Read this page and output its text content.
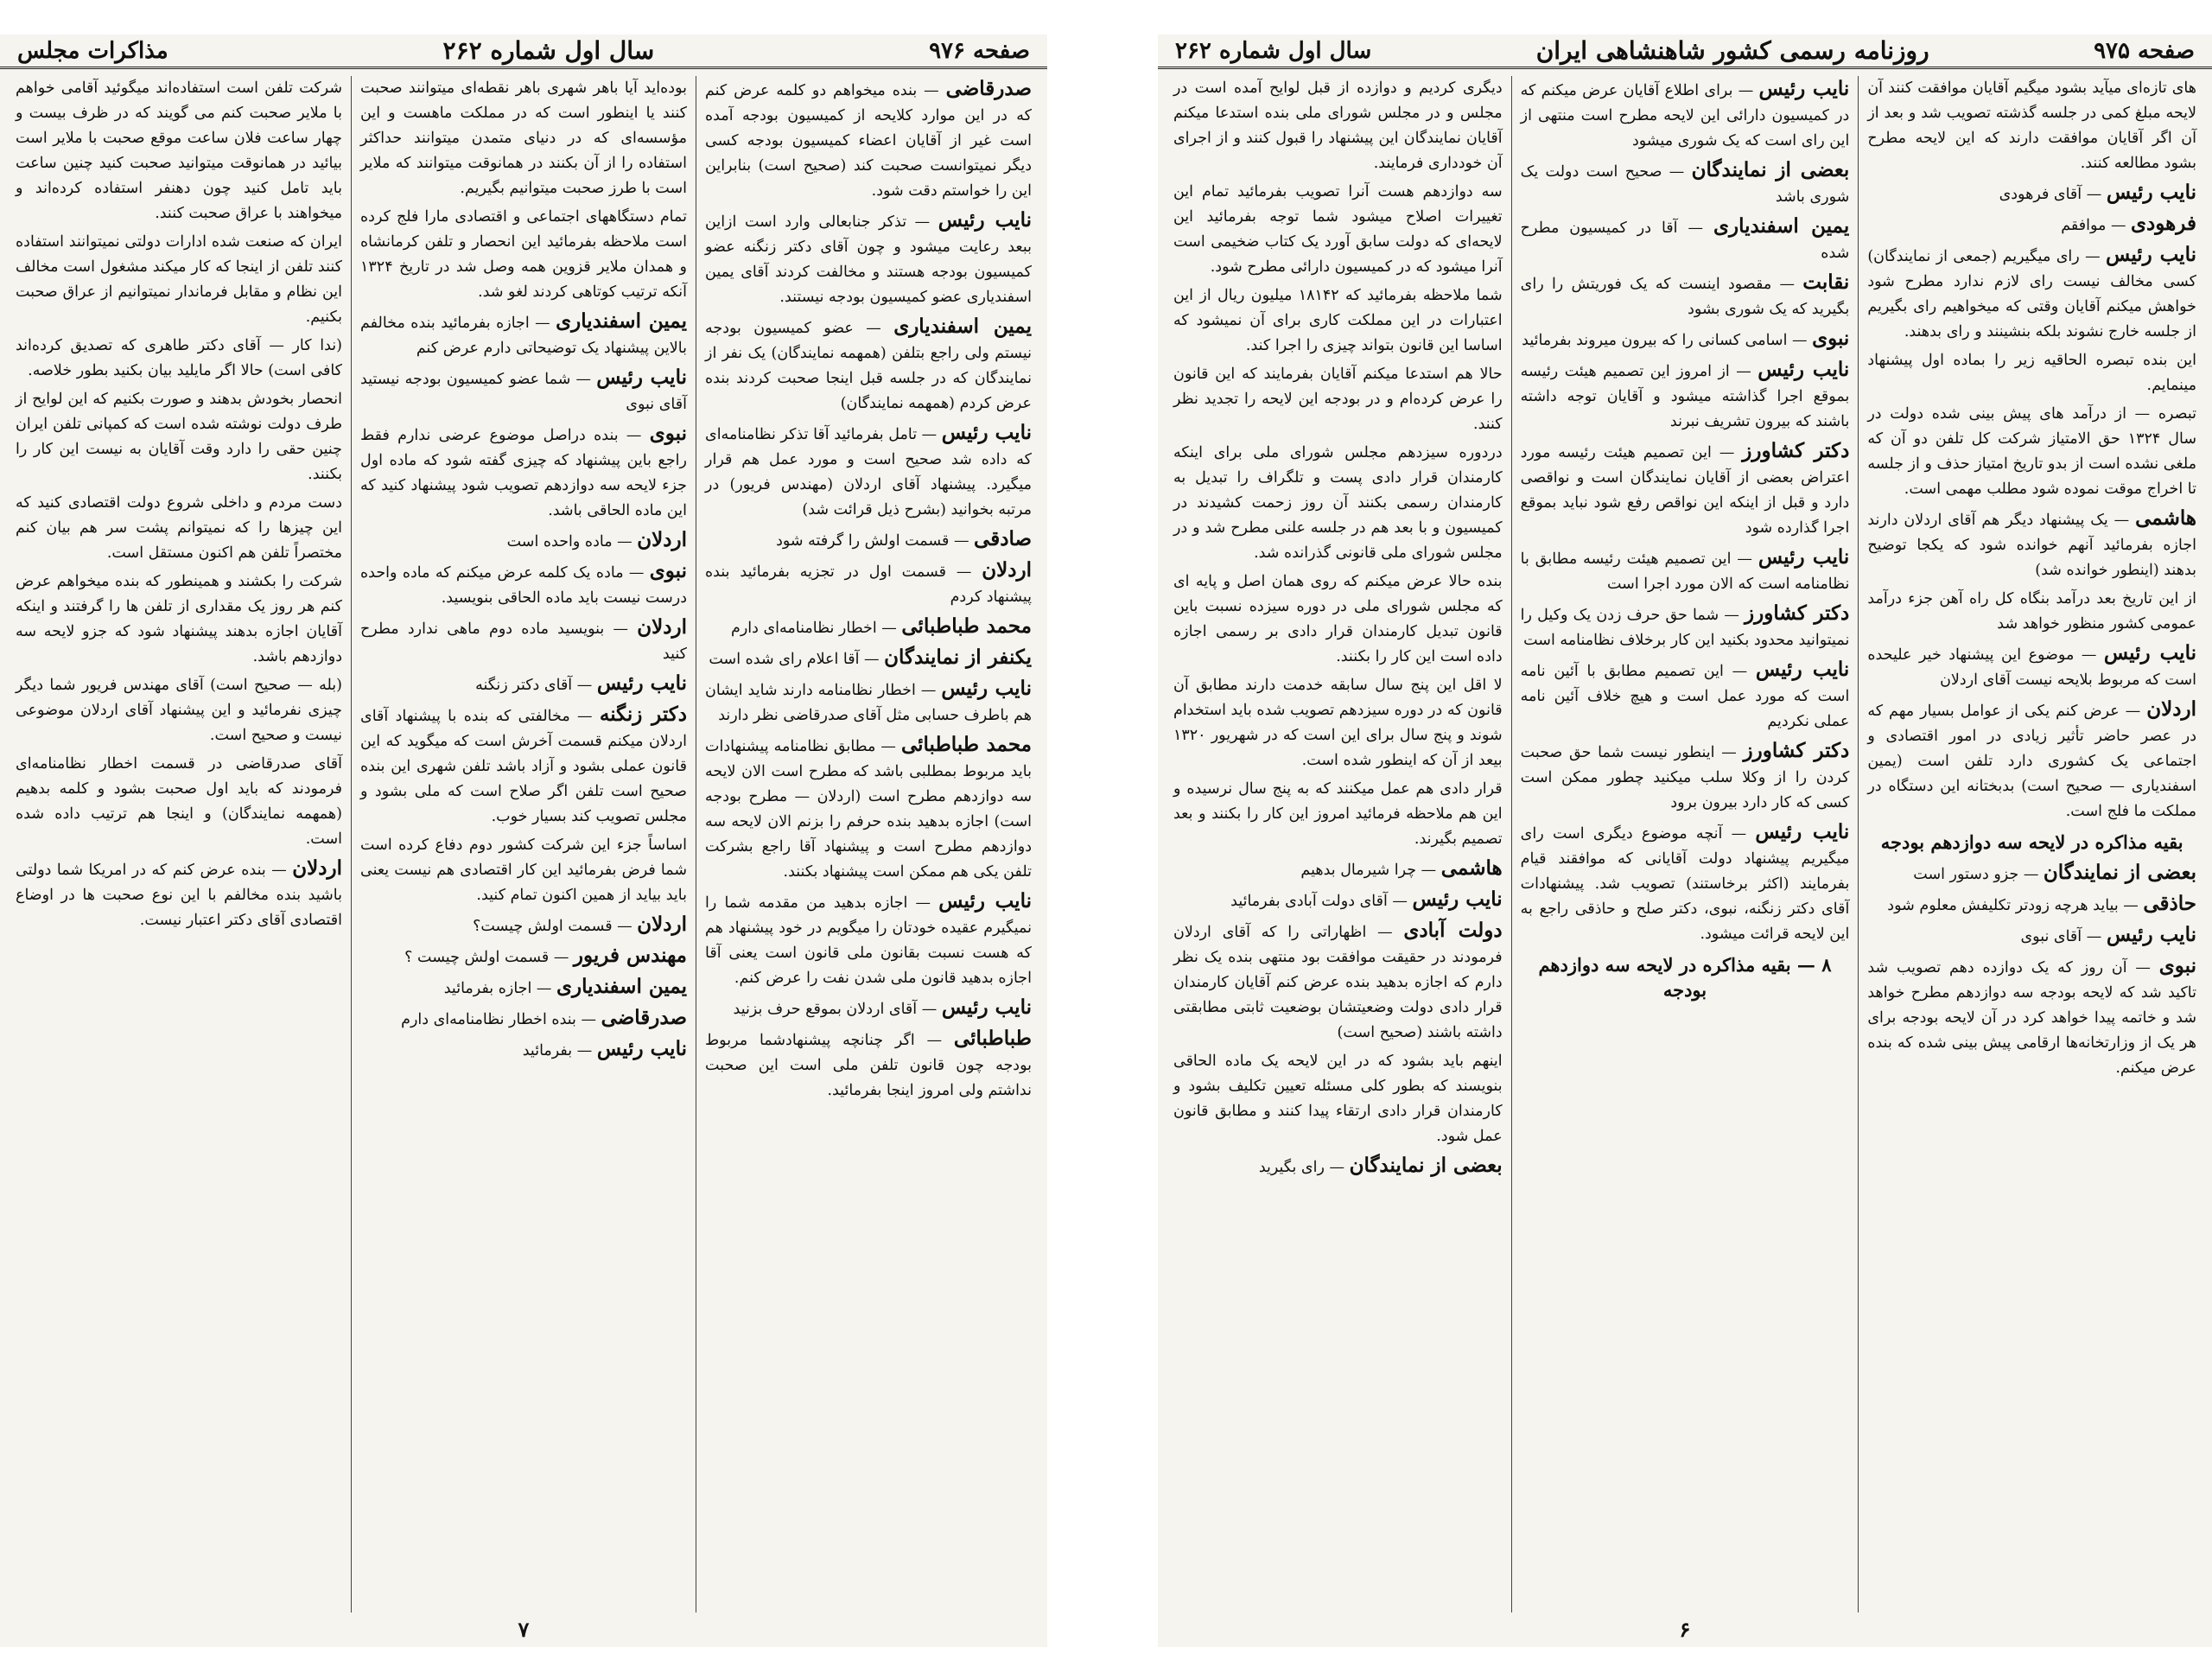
صفحه ۹۷۶
سال اول شماره ۲۶۲
مذاکرات مجلس

صدرقاضی — بنده میخواهم دو کلمه عرض کنم که در این موارد کلایحه از کمیسیون بودجه آمده است غیر از آقایان اعضاء کمیسیون بودجه کسی دیگر نمیتوانست صحبت کند (صحیح است) بنابراین این را خواستم دقت شود.

نایب رئیس — تذکر جنابعالی وارد است ازاین ببعد رعایت میشود و چون آقای دکتر زنگنه عضو کمیسیون بودجه هستند و مخالفت کردند آقای یمین اسفندیاری عضو کمیسیون بودجه نیستند.

یمین اسفندیاری — عضو کمیسیون بودجه نیستم ولی راجع بتلفن (همهمه نمایندگان) یک نفر از نمایندگان که در جلسه قبل اینجا صحبت کردند بنده عرض کردم (همهمه نمایندگان)

نایب رئیس — تامل بفرمائید آقا تذکر نظامنامه‌ای که داده شد صحیح است و مورد عمل هم قرار میگیرد. پیشنهاد آقای اردلان (مهندس فریور) در مرتبه بخوانید (بشرح ذیل قرائت شد)

صادقی — قسمت اولش را گرفته شود

اردلان — قسمت اول در تجزیه بفرمائید بنده پیشنهاد کردم

محمد طباطبائی — اخطار نظامنامه‌ای دارم

یکنفر از نمایندگان — آقا اعلام رای شده است

نایب رئیس — اخطار نظامنامه دارند شاید ایشان هم باطرف حسابی مثل آقای صدرقاضی نظر دارند

محمد طباطبائی — مطابق نظامنامه پیشنهادات باید مربوط بمطلبی باشد که مطرح است الان لایحه سه دوازدهم مطرح است (اردلان — مطرح بودجه است) اجازه بدهید بنده حرفم را بزنم الان لایحه سه دوازدهم مطرح است و پیشنهاد آقا راجع بشرکت تلفن یکی هم ممکن است پیشنهاد بکنند.

نایب رئیس — اجازه بدهید من مقدمه شما را نمیگیرم عقیده خودتان را میگویم در خود پیشنهاد هم که هست نسبت بقانون ملی قانون است یعنی آقا اجازه بدهید قانون ملی شدن نفت را عرض کنم.

نایب رئیس — آقای اردلان بموقع حرف بزنید

طباطبائی — اگر چنانچه پیشنهادشما مربوط بودجه چون قانون تلفن ملی است این صحبت نداشتم ولی امروز اینجا بفرمائید.

بوده‌اید آیا باهر شهری باهر نقطه‌ای میتوانند صحبت کنند یا اینطور است که در مملکت ماهست و این مؤسسه‌ای که در دنیای متمدن میتوانند حداکثر استفاده را از آن بکنند در همانوقت میتوانند که ملایر است با طرز صحبت میتوانیم بگیریم.

تمام دستگاههای اجتماعی و اقتصادی مارا فلج کرده است ملاحظه بفرمائید این انحصار و تلفن کرمانشاه و همدان ملایر قزوین همه وصل شد در تاریخ ۱۳۲۴ آنکه ترتیب کوتاهی کردند لغو شد.

یمین اسفندیاری — اجازه بفرمائید بنده مخالفم بالاین پیشنهاد یک توضیحاتی دارم عرض کنم

نایب رئیس — شما عضو کمیسیون بودجه نیستید آقای نبوی

نبوی — بنده دراصل موضوع عرضی ندارم فقط راجع باین پیشنهاد که چیزی گفته شود که ماده اول جزء لایحه سه دوازدهم تصویب شود پیشنهاد کنید که این ماده الحاقی باشد.

اردلان — ماده واحده است

نبوی — ماده یک کلمه عرض میکنم که ماده واحده درست نیست باید ماده الحاقی بنویسید.

اردلان — بنویسید ماده دوم ماهی ندارد مطرح کنید

نایب رئیس — آقای دکتر زنگنه

دکتر زنگنه — مخالفتی که بنده با پیشنهاد آقای اردلان میکنم قسمت آخرش است که میگوید که این قانون عملی بشود و آزاد باشد تلفن شهری این بنده صحیح است تلفن اگر صلاح است که ملی بشود و مجلس تصویب کند بسیار خوب.

اساساً جزء این شرکت کشور دوم دفاع کرده است شما فرض بفرمائید این کار اقتصادی هم نیست یعنی باید بیاید از همین اکنون تمام کنید.

اردلان — قسمت اولش چیست؟

مهندس فریور — قسمت اولش چیست ؟

یمین اسفندیاری — اجازه بفرمائید

صدرقاضی — بنده اخطار نظامنامه‌ای دارم

نایب رئیس — بفرمائید

شرکت تلفن است استفاده‌اند میگوئید آقامی خواهم با ملایر صحبت کنم می گویند که در ظرف بیست و چهار ساعت فلان ساعت موقع صحبت با ملایر است بیائید در همانوقت میتوانید صحبت کنید چنین ساعت باید تامل کنید چون دهنفر استفاده کرده‌اند و میخواهند با عراق صحبت کنند.

ایران که صنعت شده ادارات دولتی نمیتوانند استفاده کنند تلفن از اینجا که کار میکند مشغول است مخالف این نظام و مقابل فرماندار نمیتوانیم از عراق صحبت بکنیم.

(ندا کار — آقای دکتر طاهری که تصدیق کرده‌اند کافی است) حالا اگر مایلید بیان بکنید بطور خلاصه.

انحصار بخودش بدهند و صورت بکنیم که این لوایح از طرف دولت نوشته شده است که کمپانی تلفن ایران چنین حقی را دارد وقت آقایان به نیست این کار را بکنند.

دست مردم و داخلی شروع دولت اقتصادی کنید که این چیزها را که نمیتوانم پشت سر هم بیان کنم مختصراً تلفن هم اکنون مستقل است.

شرکت را بکشند و همینطور که بنده میخواهم عرض کنم هر روز یک مقداری از تلفن ها را گرفتند و اینکه آقایان اجازه بدهند پیشنهاد شود که جزو لایحه سه دوازدهم باشد.

(بله — صحیح است) آقای مهندس فریور شما دیگر چیزی نفرمائید و این پیشنهاد آقای اردلان موضوعی نیست و صحیح است.

آقای صدرقاضی در قسمت اخطار نظامنامه‌ای فرمودند که باید اول صحبت بشود و کلمه بدهیم (همهمه نمایندگان) و اینجا هم ترتیب داده شده است.

اردلان — بنده عرض کنم که در امریکا شما دولتی باشید بنده مخالفم با این نوع صحبت ها در اوضاع اقتصادی آقای دکتر اعتبار نیست.

۷
صفحه ۹۷۵
روزنامه رسمی کشور شاهنشاهی ایران
سال اول شماره ۲۶۲

های تازه‌ای میآید بشود میگیم آقایان موافقت کنند آن لایحه مبلغ کمی در جلسه گذشته تصویب شد و بعد از آن اگر آقایان موافقت دارند که این لایحه مطرح بشود مطالعه کنند.

نایب رئیس — آقای فرهودی

فرهودی — موافقم

نایب رئیس — رای میگیریم (جمعی از نمایندگان) کسی مخالف نیست رای لازم ندارد مطرح شود خواهش میکنم آقایان وقتی که میخواهیم رای بگیریم از جلسه خارج نشوند بلکه بنشینند و رای بدهند.

این بنده تبصره الحاقیه زیر را بماده اول پیشنهاد مینمایم.

تبصره — از درآمد های پیش بینی شده دولت در سال ۱۳۲۴ حق الامتیاز شرکت کل تلفن دو آن که ملغی نشده است از بدو تاریخ امتیاز حذف و از جلسه تا اخراج موقت نموده شود مطلب مهمی است.

هاشمی — یک پیشنهاد دیگر هم آقای اردلان دارند اجازه بفرمائید آنهم خوانده شود که یکجا توضیح بدهند (اینطور خوانده شد)

از این تاریخ بعد درآمد بنگاه کل راه آهن جزء درآمد عمومی کشور منظور خواهد شد

نایب رئیس — موضوع این پیشنهاد خیر علیحده است که مربوط بلایحه نیست آقای اردلان

اردلان — عرض کنم یکی از عوامل بسیار مهم که در عصر حاضر تأثیر زیادی در امور اقتصادی و اجتماعی یک کشوری دارد تلفن است (یمین اسفندیاری — صحیح است) بدبختانه این دستگاه در مملکت ما فلج است.

بقیه مذاکره در لایحه سه دوازدهم بودجه

بعضی از نمایندگان — جزو دستور است

حاذقی — بیاید هرچه زودتر تکلیفش معلوم شود

نایب رئیس — آقای نبوی

نبوی — آن روز که یک دوازده دهم تصویب شد تاکید شد که لایحه بودجه سه دوازدهم مطرح خواهد شد و خاتمه پیدا خواهد کرد در آن لایحه بودجه برای هر یک از وزارتخانه‌ها ارقامی پیش بینی شده که بنده عرض میکنم.

نایب رئیس — برای اطلاع آقایان عرض میکنم که در کمیسیون دارائی این لایحه مطرح است منتهی از این رای است که یک شوری میشود

بعضی از نمایندگان — صحیح است دولت یک شوری باشد

یمین اسفندیاری — آقا در کمیسیون مطرح شده

نقابت — مقصود اینست که یک فوریتش را رای بگیرید که یک شوری بشود

نبوی — اسامی کسانی را که بیرون میروند بفرمائید

نایب رئیس — از امروز این تصمیم هیئت رئیسه بموقع اجرا گذاشته میشود و آقایان توجه داشته باشند که بیرون تشریف نبرند

دکتر کشاورز — این تصمیم هیئت رئیسه مورد اعتراض بعضی از آقایان نمایندگان است و نواقصی دارد و قبل از اینکه این نواقص رفع شود نباید بموقع اجرا گذارده شود

نایب رئیس — این تصمیم هیئت رئیسه مطابق با نظامنامه است که الان مورد اجرا است

دکتر کشاورز — شما حق حرف زدن یک وکیل را نمیتوانید محدود بکنید این کار برخلاف نظامنامه است

نایب رئیس — این تصمیم مطابق با آئین نامه است که مورد عمل است و هیچ خلاف آئین نامه عملی نکردیم

دکتر کشاورز — اینطور نیست شما حق صحبت کردن را از وکلا سلب میکنید چطور ممکن است کسی که کار دارد بیرون برود

نایب رئیس — آنچه موضوع دیگری است رای میگیریم پیشنهاد دولت آقایانی که موافقند قیام بفرمایند (اکثر برخاستند) تصویب شد. پیشنهادات آقای دکتر زنگنه، نبوی، دکتر صلح و حاذقی راجع به این لایحه قرائت میشود.

۸ — بقیه مذاکره در لایحه سه دوازدهم بودجه

دیگری کردیم و دوازده از قبل لوایح آمده است در مجلس و در مجلس شورای ملی بنده استدعا میکنم آقایان نمایندگان این پیشنهاد را قبول کنند و از اجرای آن خودداری فرمایند.

سه دوازدهم هست آنرا تصویب بفرمائید تمام این تغییرات اصلاح میشود شما توجه بفرمائید این لایحه‌ای که دولت سابق آورد یک کتاب ضخیمی است آنرا میشود که در کمیسیون دارائی مطرح شود.

شما ملاحظه بفرمائید که ۱۸۱۴۲ میلیون ریال از این اعتبارات در این مملکت کاری برای آن نمیشود که اساسا این قانون بتواند چیزی را اجرا کند.

حالا هم استدعا میکنم آقایان بفرمایند که این قانون را عرض کرده‌ام و در بودجه این لایحه را تجدید نظر کنند.

دردوره سیزدهم مجلس شورای ملی برای اینکه کارمندان قرار دادی پست و تلگراف را تبدیل به کارمندان رسمی بکنند آن روز زحمت کشیدند در کمیسیون و با بعد هم در جلسه علنی مطرح شد و در مجلس شورای ملی قانونی گذرانده شد.

بنده حالا عرض میکنم که روی همان اصل و پایه ای که مجلس شورای ملی در دوره سیزده نسبت باین قانون تبدیل کارمندان قرار دادی بر رسمی اجازه داده است این کار را بکنند.

لا اقل این پنج سال سابقه خدمت دارند مطابق آن قانون که در دوره سیزدهم تصویب شده باید استخدام شوند و پنج سال برای این است که در شهریور ۱۳۲۰ بیعد از آن که اینطور شده است.

قرار دادی هم عمل میکنند که به پنج سال نرسیده و این هم ملاحظه فرمائید امروز این کار را بکنند و بعد تصمیم بگیرند.

هاشمی — چرا شیرمال بدهیم

نایب رئیس — آقای دولت آبادی بفرمائید

دولت آبادی — اظهاراتی را که آقای اردلان فرمودند در حقیقت موافقت بود منتهی بنده یک نظر دارم که اجازه بدهید بنده عرض کنم آقایان کارمندان قرار دادی دولت وضعیتشان بوضعیت ثابتی مطابقتی داشته باشند (صحیح است)

اینهم باید بشود که در این لایحه یک ماده الحاقی بنویسند که بطور کلی مسئله تعیین تکلیف بشود و کارمندان قرار دادی ارتقاء پیدا کنند و مطابق قانون عمل شود.

بعضی از نمایندگان — رای بگیرید

۶
